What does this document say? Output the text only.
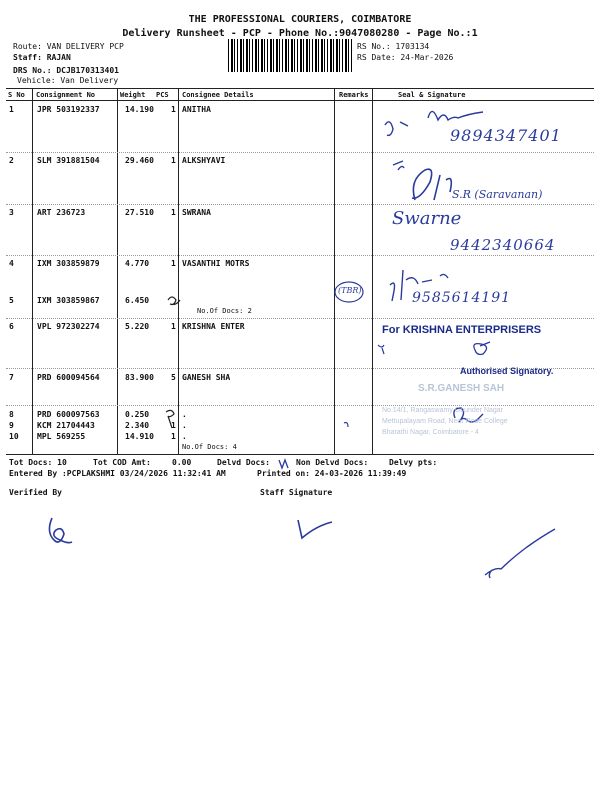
THE PROFESSIONAL COURIERS, COIMBATORE
Delivery Runsheet - PCP - Phone No.:9047080280 - Page No.:1
Route: VAN DELIVERY PCP
Staff: RAJAN
DRS No.: DCJB170313401
Vehicle: Van Delivery
RS No.: 1703134
RS Date: 24-Mar-2026
S No Consignment No	Weight PCS Consignee Details	Remarks	Seal & Signature
1	JPR 503192337	14.190 1 ANITHA
2	SLM 391881504	29.460 1 ALKSHYAVI
3	ART 236723	27.510 1 SWRANA
4	IXM 303859879	4.770	1 VASANTHI MOTRS
5	IXM 303859867	6.450
No.Of Docs: 2
6	VPL 972302274	5.220	1 KRISHNA ENTER
7	PRD 600094564	83.900 5 GANESH SHA
8	PRD 600097563	0.250	.
9	KCM 21704443	2.340	1 .
10 MPL 569255	14.910 1 .
No.Of Docs: 4
9894347401
S.R (Saravanan)
Swarne
9442340664
9585614191
(TBR)
For KRISHNA ENTERPRISERS
Authorised Signatory.
S.R.GANESH SAH
No.14/1, Rangaswamy Gounder Nagar
Mettupalayam Road, Near Rose College
Bharathi Nagar, Coimbatore - 4
Tot Docs: 10	Tot COD Amt:	0.00	Delvd Docs:	Non Delvd Docs:	Delvy pts:
Entered By :PCPLAKSHMI 03/24/2026 11:32:41 AM	Printed on: 24-03-2026 11:39:49
Verified By	Staff Signature
